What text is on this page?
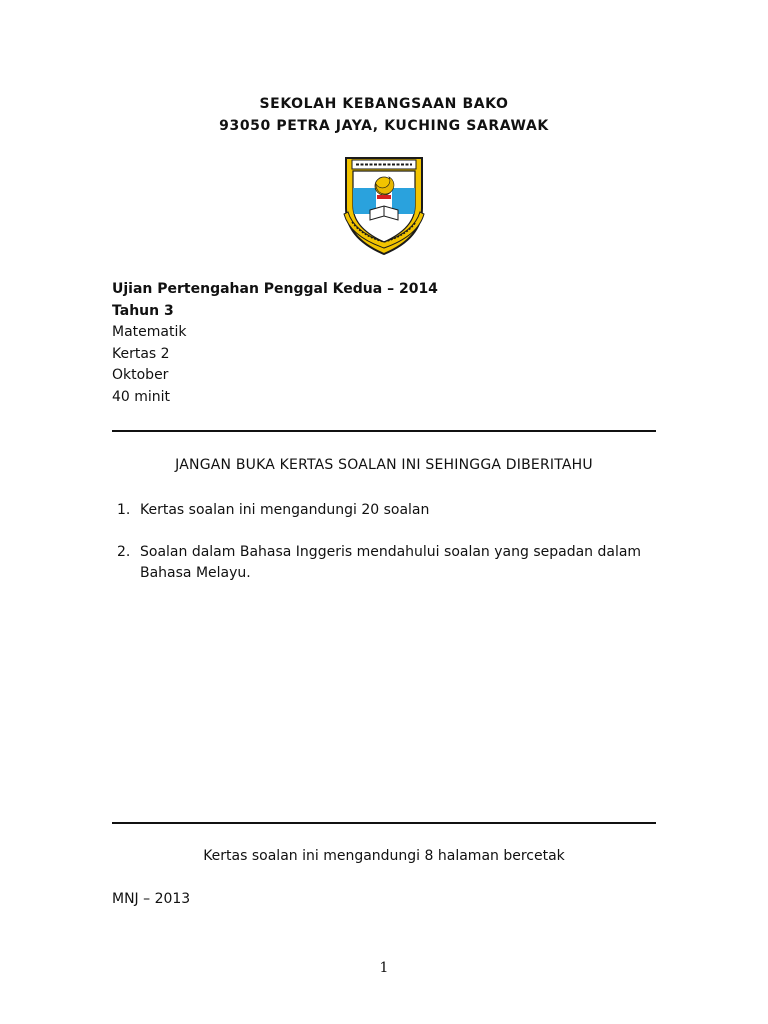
SEKOLAH KEBANGSAAN BAKO
93050 PETRA JAYA, KUCHING SARAWAK
Ujian Pertengahan Penggal Kedua – 2014
Tahun 3
Matematik
Kertas 2
Oktober
40 minit
JANGAN BUKA KERTAS SOALAN INI SEHINGGA DIBERITAHU
1. Kertas soalan ini mengandungi 20 soalan
2. Soalan dalam Bahasa Inggeris mendahului soalan yang sepadan dalam Bahasa Melayu.
Kertas soalan ini mengandungi 8 halaman bercetak
MNJ – 2013
1
